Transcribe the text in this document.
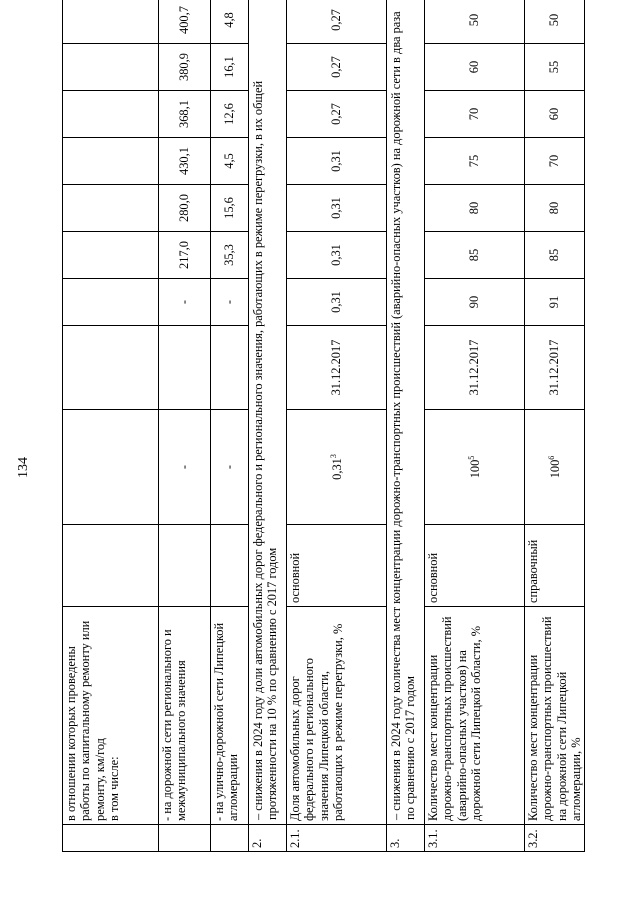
134

	в отношении которых проведены работы по капитальному ремонту или ремонту, км/год в том числе:										

	- на дорожной сети регионального и межмуниципального значения		-		-	217,0	280,0	430,1	368,1	380,9	400,7
	- на улично-дорожной сети Липецкой агломерации		-		-	35,3	15,6	4,5	12,6	16,1	4,8
2.	– снижения в 2024 году доли автомобильных дорог федерального и регионального значения, работающих в режиме перегрузки, в их общей протяженности на 10 % по сравнению с 2017 годом										
2.1.	Доля автомобильных дорог федерального и регионального значения Липецкой области, работающих в режиме перегрузки, %	основной	0,31$^3$	31.12.2017	0,31	0,31	0,31	0,31	0,27	0,27	0,27
3.	– снижения в 2024 году количества мест концентрации дорожно-транспортных происшествий (аварийно-опасных участков) на дорожной сети в два раза по сравнению с 2017 годом										
3.1.	Количество мест концентрации дорожно-транспортных происшествий (аварийно-опасных участков) на дорожной сети Липецкой области, %	основной	$100^5$	31.12.2017	90	85	80	75	70	60	50
3.2.	Количество мест концентрации дорожно-транспортных происшествий на дорожной сети Липецкой агломерации, %	справочный	$100^6$	31.12.2017	91	85	80	70	60	55	50
